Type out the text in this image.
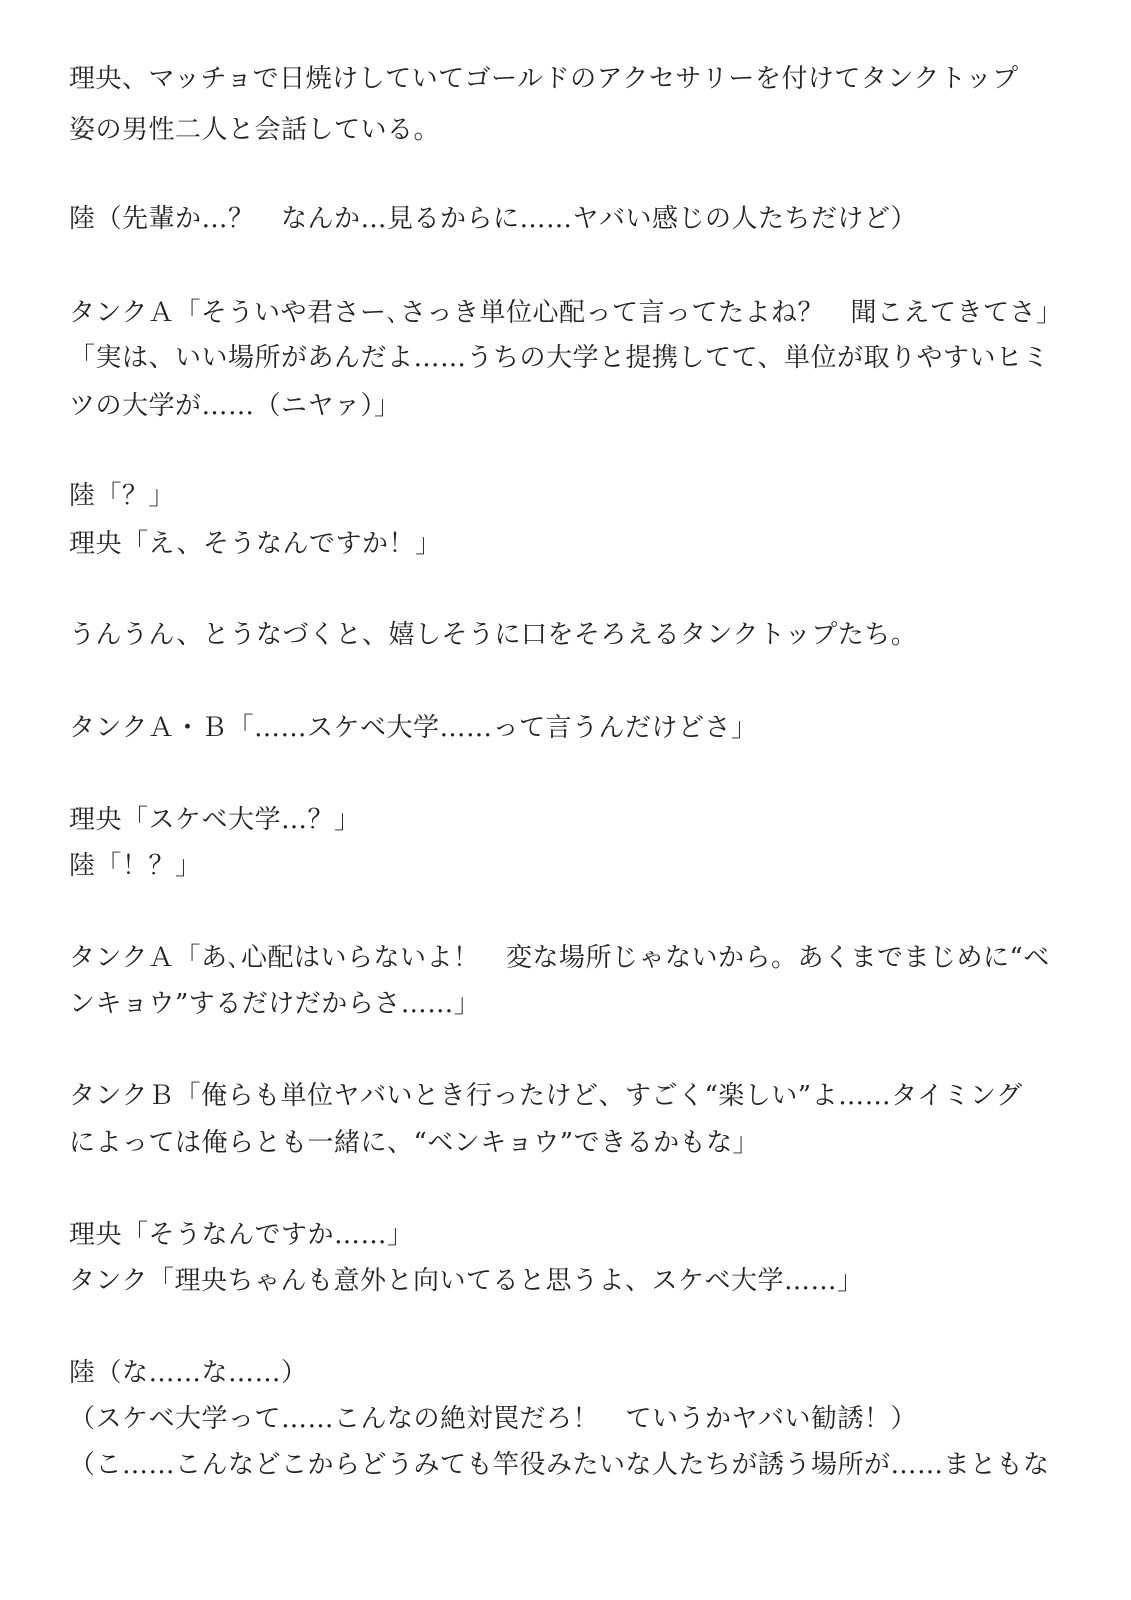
理央、マッチョで日焼けしていてゴールドのアクセサリーを付けてタンクトップ
姿の男性二人と会話している。
陸（先輩か…？　なんか…見るからに……ヤバい感じの人たちだけど）
タンクＡ「そういや君さー､さっき単位心配って言ってたよね？　聞こえてきてさ」
「実は、いい場所があんだよ……うちの大学と提携してて、単位が取りやすいヒミ
ツの大学が……（ニヤァ）」
陸「？」
理央「え、そうなんですか！」
うんうん、とうなづくと、嬉しそうに口をそろえるタンクトップたち。
タンクＡ・Ｂ「……スケベ大学……って言うんだけどさ」
理央「スケベ大学…？」
陸「！？」
タンクＡ「あ､心配はいらないよ！　変な場所じゃないから。あくまでまじめに“ベ
ンキョウ”するだけだからさ……」
タンクＢ「俺らも単位ヤバいとき行ったけど、すごく“楽しい”よ……タイミング
によっては俺らとも一緒に、“ベンキョウ”できるかもな」
理央「そうなんですか……」
タンク「理央ちゃんも意外と向いてると思うよ、スケベ大学……」
陸（な……な……）
（スケベ大学って……こんなの絶対罠だろ！　ていうかヤバい勧誘！）
（こ……こんなどこからどうみても竿役みたいな人たちが誘う場所が……まともな
